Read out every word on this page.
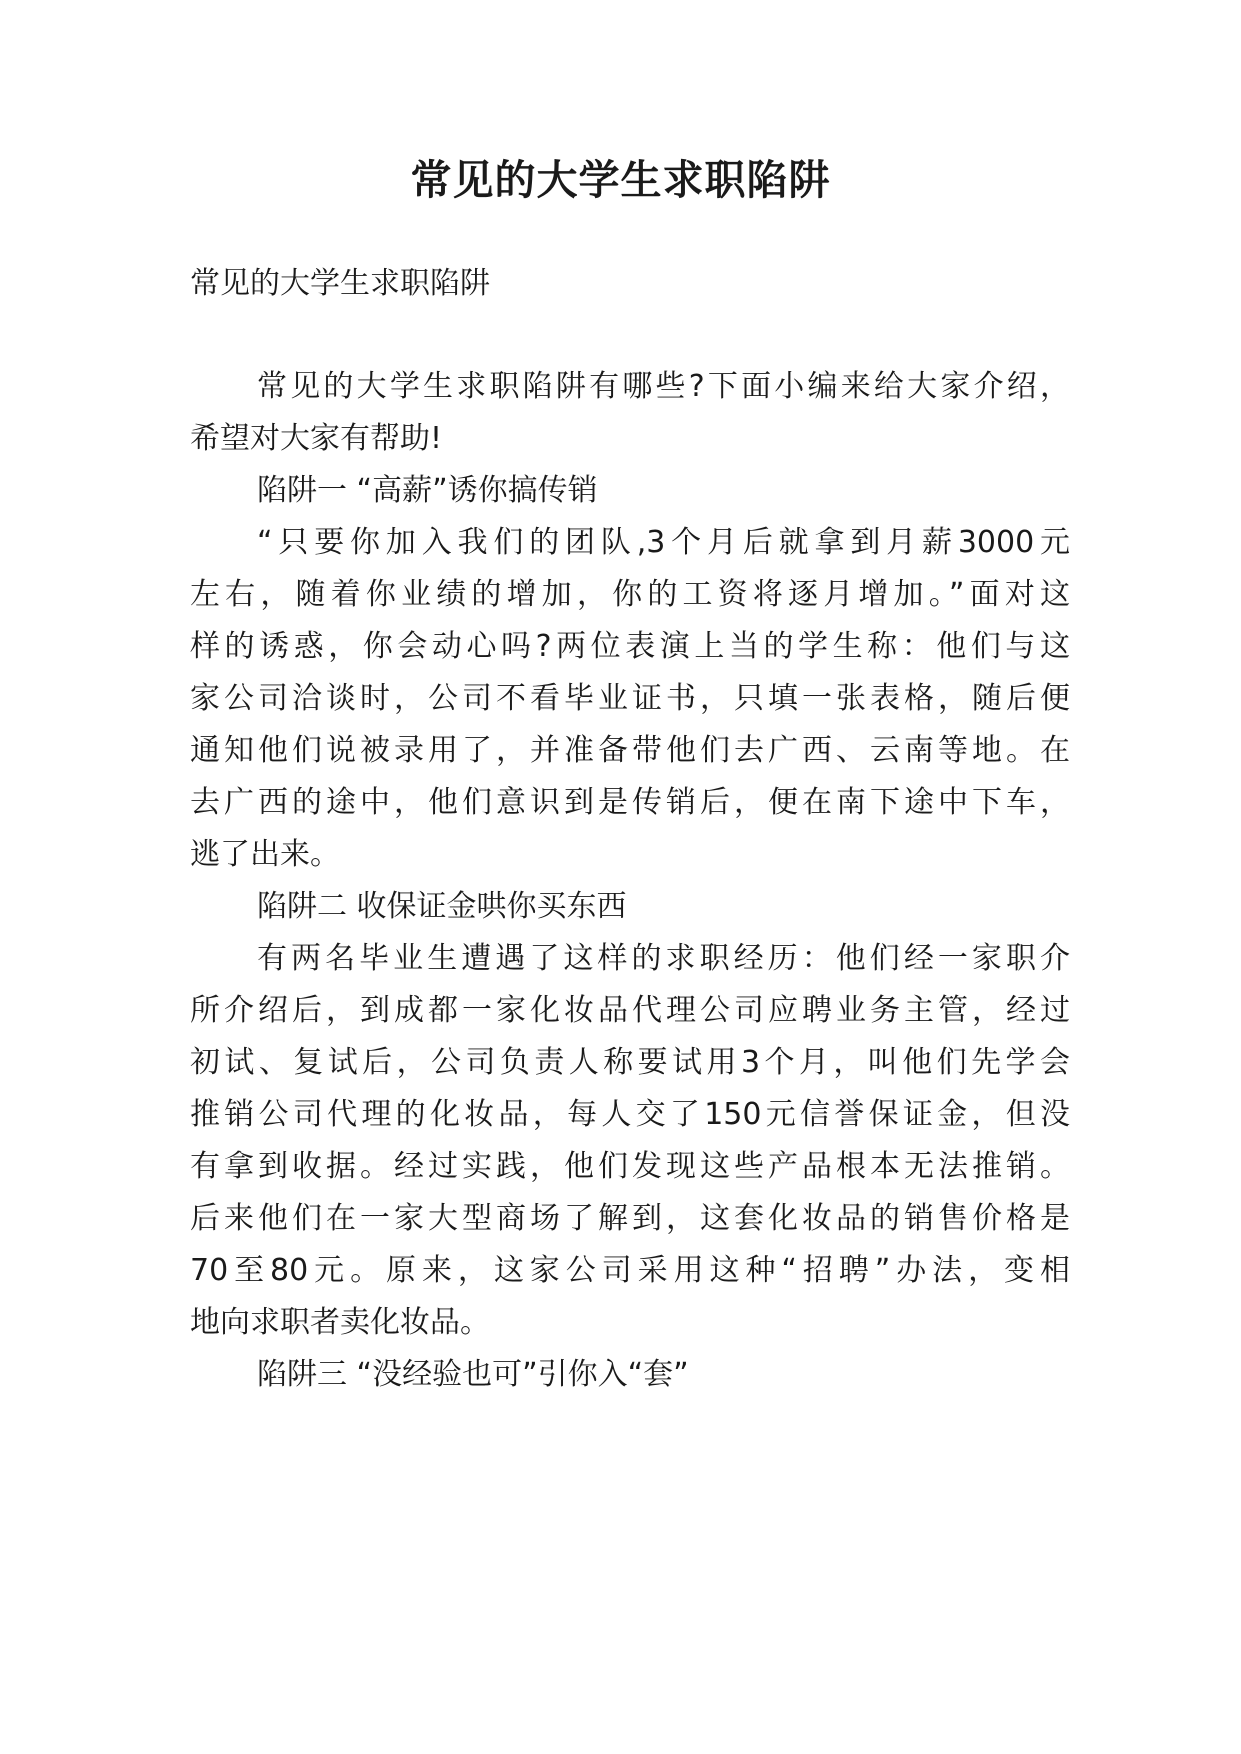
常见的大学生求职陷阱
常见的大学生求职陷阱
常见的大学生求职陷阱有哪些?下面小编来给大家介绍，
希望对大家有帮助!
陷阱一 “高薪”诱你搞传销
“只要你加入我们的团队,3个月后就拿到月薪3000元
左右，随着你业绩的增加，你的工资将逐月增加。”面对这
样的诱惑，你会动心吗?两位表演上当的学生称：他们与这
家公司洽谈时，公司不看毕业证书，只填一张表格，随后便
通知他们说被录用了，并准备带他们去广西、云南等地。在
去广西的途中，他们意识到是传销后，便在南下途中下车，
逃了出来。
陷阱二 收保证金哄你买东西
有两名毕业生遭遇了这样的求职经历：他们经一家职介
所介绍后，到成都一家化妆品代理公司应聘业务主管，经过
初试、复试后，公司负责人称要试用3个月，叫他们先学会
推销公司代理的化妆品，每人交了150元信誉保证金，但没
有拿到收据。经过实践，他们发现这些产品根本无法推销。
后来他们在一家大型商场了解到，这套化妆品的销售价格是
70至80元。原来，这家公司采用这种“招聘”办法，变相
地向求职者卖化妆品。
陷阱三 “没经验也可”引你入“套”
